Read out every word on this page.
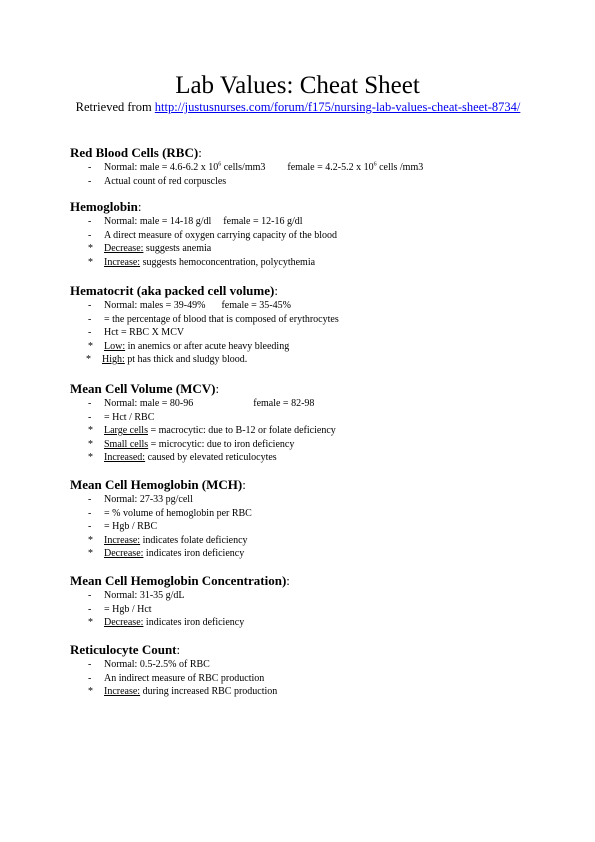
Lab Values: Cheat Sheet
Retrieved from http://justusnurses.com/forum/f175/nursing-lab-values-cheat-sheet-8734/
Red Blood Cells (RBC):
- Normal: male = 4.6-6.2 x $10^6$ cells/mm3 female = 4.2-5.2 x $10^6$ cells /mm3
- Actual count of red corpuscles
Hemoglobin:
- Normal: male = 14-18 g/dl female = 12-16 g/dl
- A direct measure of oxygen carrying capacity of the blood
* Decrease: suggests anemia
* Increase: suggests hemoconcentration, polycythemia
Hematocrit (aka packed cell volume):
- Normal: males = 39-49% female = 35-45%
- = the percentage of blood that is composed of erythrocytes
- Hct = RBC X MCV
* Low: in anemics or after acute heavy bleeding
* High: pt has thick and sludgy blood.
Mean Cell Volume (MCV):
- Normal: male = 80-96	female = 82-98
- = Hct / RBC
* Large cells = macrocytic: due to B-12 or folate deficiency
* Small cells = microcytic: due to iron deficiency
* Increased: caused by elevated reticulocytes
Mean Cell Hemoglobin (MCH):
- Normal: 27-33 pg/cell
- = % volume of hemoglobin per RBC
- = Hgb / RBC
* Increase: indicates folate deficiency
* Decrease: indicates iron deficiency
Mean Cell Hemoglobin Concentration):
- Normal: 31-35 g/dL
- = Hgb / Hct
* Decrease: indicates iron deficiency
Reticulocyte Count:
- Normal: 0.5-2.5% of RBC
- An indirect measure of RBC production
* Increase: during increased RBC production
